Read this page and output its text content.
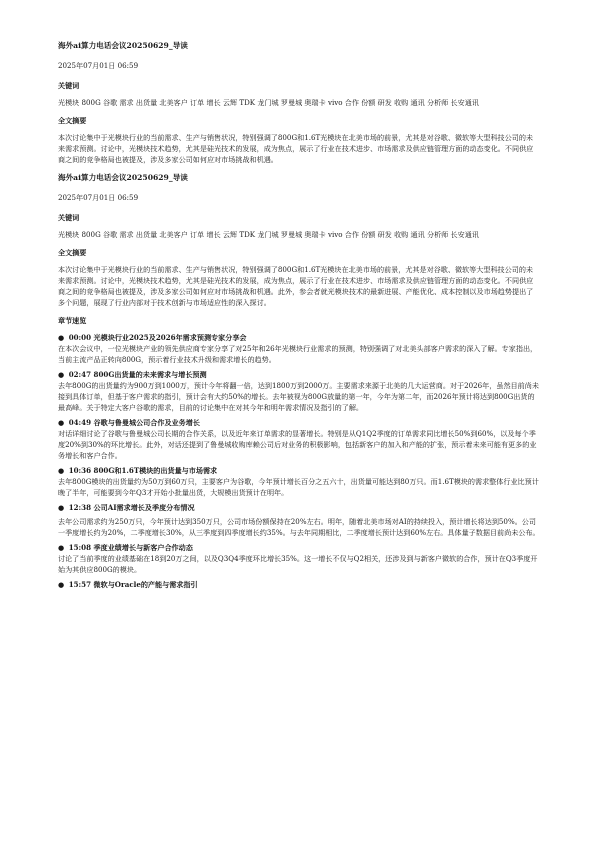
海外ai算力电话会议20250629_导读
2025年07月01日 06:59
关键词
光模块 800G 谷歌 需求 出货量 北美客户 订单 增长 云辉 TDK 龙门城 罗曼城 奥瑞卡 vivo 合作 份额 研发 收购 通讯 分析师 长安通讯
全文摘要
本次讨论集中于光模块行业的当前需求、生产与销售状况，特别强调了800G和1.6T光模块在北美市场的前景，尤其是对谷歌、微软等大型科技公司的未来需求预测。讨论中，光模块技术趋势，尤其是硅光技术的发展，成为焦点，展示了行业在技术进步、市场需求及供应链管理方面的动态变化。不同供应商之间的竞争格局也被提及，涉及多家公司如何应对市场挑战和机遇。
海外ai算力电话会议20250629_导读
2025年07月01日 06:59
关键词
光模块 800G 谷歌 需求 出货量 北美客户 订单 增长 云辉 TDK 龙门城 罗曼城 奥瑞卡 vivo 合作 份额 研发 收购 通讯 分析师 长安通讯
全文摘要
本次讨论集中于光模块行业的当前需求、生产与销售状况，特别强调了800G和1.6T光模块在北美市场的前景，尤其是对谷歌、微软等大型科技公司的未来需求预测。讨论中，光模块技术趋势，尤其是硅光技术的发展，成为焦点，展示了行业在技术进步、市场需求及供应链管理方面的动态变化。不同供应商之间的竞争格局也被提及，涉及多家公司如何应对市场挑战和机遇。此外，参会者就光模块技术的最新进展、产能优化、成本控制以及市场趋势提出了多个问题，展现了行业内部对于技术创新与市场适应性的深入探讨。
章节速览
● 00:00 光模块行业2025及2026年需求预测专家分享会
在本次会议中，一位光模块产业的领先供应商专家分享了对25年和26年光模块行业需求的预测，特别强调了对北美头部客户需求的深入了解。专家指出，当前主流产品正转向800G，预示着行业技术升级和需求增长的趋势。
● 02:47 800G出货量的未来需求与增长预测
去年800G的出货量约为900万到1000万，预计今年将翻一倍，达到1800万到2000万。主要需求来源于北美的几大运营商。对于2026年，虽然目前尚未接到具体订单，但基于客户需求的指引，预计会有大约50%的增长。去年被视为800G放量的第一年，今年为第二年，而2026年预计将达到800G出货的最高峰。关于特定大客户谷歌的需求，目前的讨论集中在对其今年和明年需求情况及指引的了解。
● 04:49 谷歌与鲁曼城公司合作及业务增长
对话详细讨论了谷歌与鲁曼城公司长期的合作关系，以及近年来订单需求的显著增长。特别是从Q1Q2季度的订单需求同比增长50%到60%，以及每个季度20%到30%的环比增长。此外，对话还提到了鲁曼城收购库赖公司后对业务的积极影响，包括新客户的加入和产能的扩张，预示着未来可能有更多的业务增长和客户合作。
● 10:36 800G和1.6T模块的出货量与市场需求
去年800G模块的出货量约为50万到60万只，主要客户为谷歌，今年预计增长百分之五六十，出货量可能达到80万只。而1.6T模块的需求整体行业比预计晚了半年，可能要到今年Q3才开始小批量出货，大规模出货预计在明年。
● 12:38 公司AI需求增长及季度分布情况
去年公司需求约为250万只，今年预计达到350万只，公司市场份额保持在20%左右。明年，随着北美市场对AI的持续投入，预计增长将达到50%。公司一季度增长约为20%，二季度增长30%，从三季度到四季度增长约35%。与去年同期相比，二季度增长预计达到60%左右。具体量子数据目前尚未公布。
● 15:08 季度业绩增长与新客户合作动态
讨论了当前季度的业绩基础在18到20万之间，以及Q3Q4季度环比增长35%。这一增长不仅与Q2相关，还涉及到与新客户微软的合作，预计在Q3季度开始为其供应800G的模块。
● 15:57 微软与Oracle的产能与需求指引
